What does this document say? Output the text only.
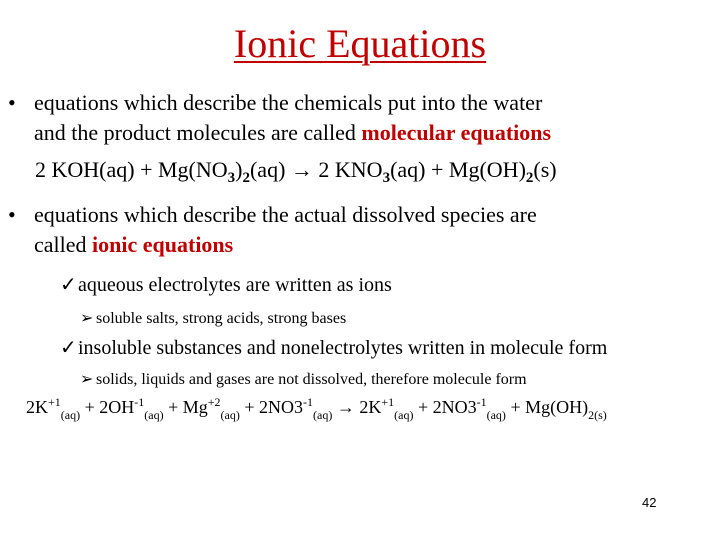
Ionic Equations
• equations which describe the chemicals put into the water
and the product molecules are called molecular equations
2 $KOH(aq) + Mg(NO_3)_2(aq) \to 2$ $KNO_3(aq) + Mg(OH)_2(s)$
• equations which describe the actual dissolved species are
called ionic equations
✓aqueous electrolytes are written as ions
➢ soluble salts, strong acids, strong bases
✓insoluble substances and nonelectrolytes written in molecule form
➢ solids, liquids and gases are not dissolved, therefore molecule form
$2K^{+1}_{(aq)} + 2OH^{-1}_{(aq)} + Mg^{+2}_{(aq)} + 2NO3^{-1}_{(aq)} \to 2K^{+1}_{(aq)} + 2NO3^{-1}_{(aq)} + Mg(OH)_{2(s)}$
42
